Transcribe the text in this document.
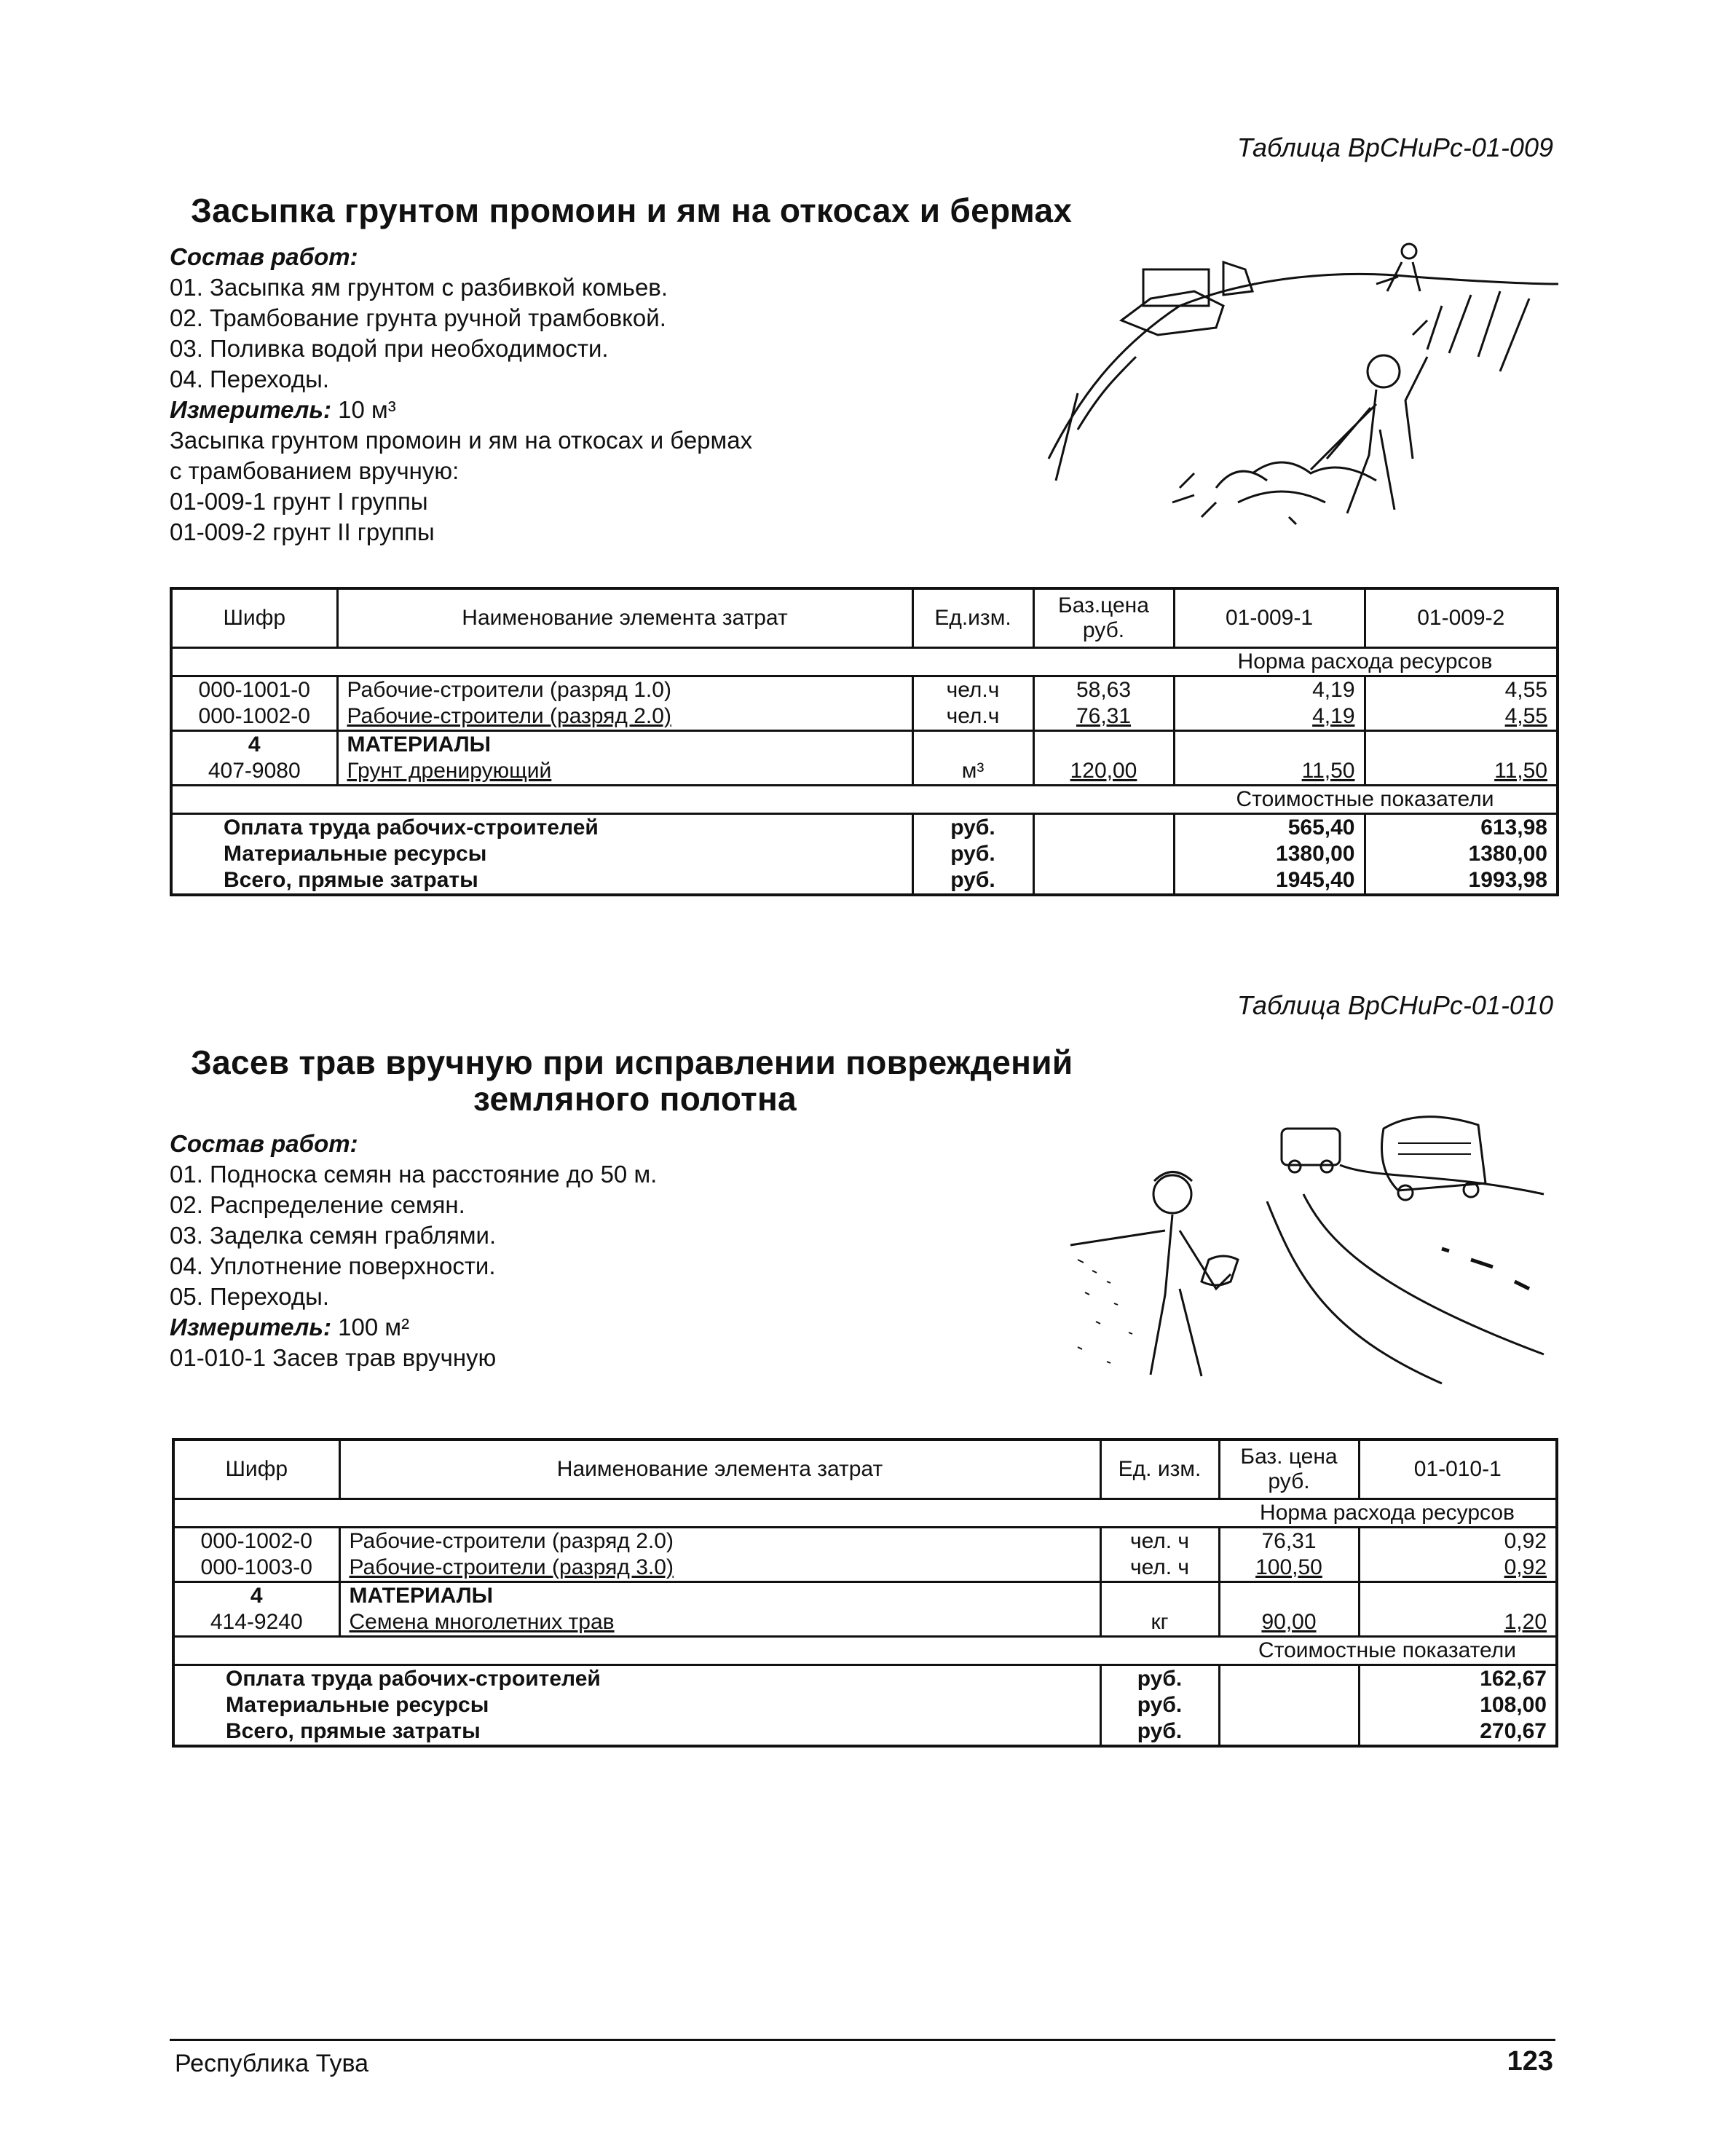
Таблица ВрСНиРс-01-009
Засыпка грунтом промоин и ям на откосах и бермах
Состав работ:
01. Засыпка ям грунтом с разбивкой комьев.
02. Трамбование грунта ручной трамбовкой.
03. Поливка водой при необходимости.
04. Переходы.
Измеритель: 10 м³
Засыпка грунтом промоин и ям на откосах и бермах
с трамбованием вручную:
01-009-1 грунт I группы
01-009-2 грунт II группы
Шифр	Наименование элемента затрат	Ед.изм.	Баз.цена руб.	01-009-1	01-009-2
				Норма расхода ресурсов	
000-1001-0	Рабочие-строители (разряд 1.0)	чел.ч	58,63	4,19	4,55
000-1002-0	Рабочие-строители (разряд 2.0)	чел.ч	76,31	4,19	4,55
4	МАТЕРИАЛЫ				
407-9080	Грунт дренирующий	м³	120,00	11,50	11,50
				Стоимостные показатели	
Оплата труда рабочих-строителей		руб.		565,40	613,98
Материальные ресурсы		руб.		1380,00	1380,00
Всего, прямые затраты		руб.		1945,40	1993,98
Таблица ВрСНиРс-01-010
Засев трав вручную при исправлении повреждений
земляного полотна
Состав работ:
01. Подноска семян на расстояние до 50 м.
02. Распределение семян.
03. Заделка семян граблями.
04. Уплотнение поверхности.
05. Переходы.
Измеритель: 100 м²
01-010-1 Засев трав вручную
Шифр	Наименование элемента затрат	Ед. изм.	Баз. цена руб.	01-010-1
			Норма расхода ресурсов	
000-1002-0	Рабочие-строители (разряд 2.0)	чел. ч	76,31	0,92
000-1003-0	Рабочие-строители (разряд 3.0)	чел. ч	100,50	0,92
4	МАТЕРИАЛЫ			
414-9240	Семена многолетних трав	кг	90,00	1,20
			Стоимостные показатели	
Оплата труда рабочих-строителей		руб.		162,67
Материальные ресурсы		руб.		108,00
Всего, прямые затраты		руб.		270,67
Республика Тува	123
